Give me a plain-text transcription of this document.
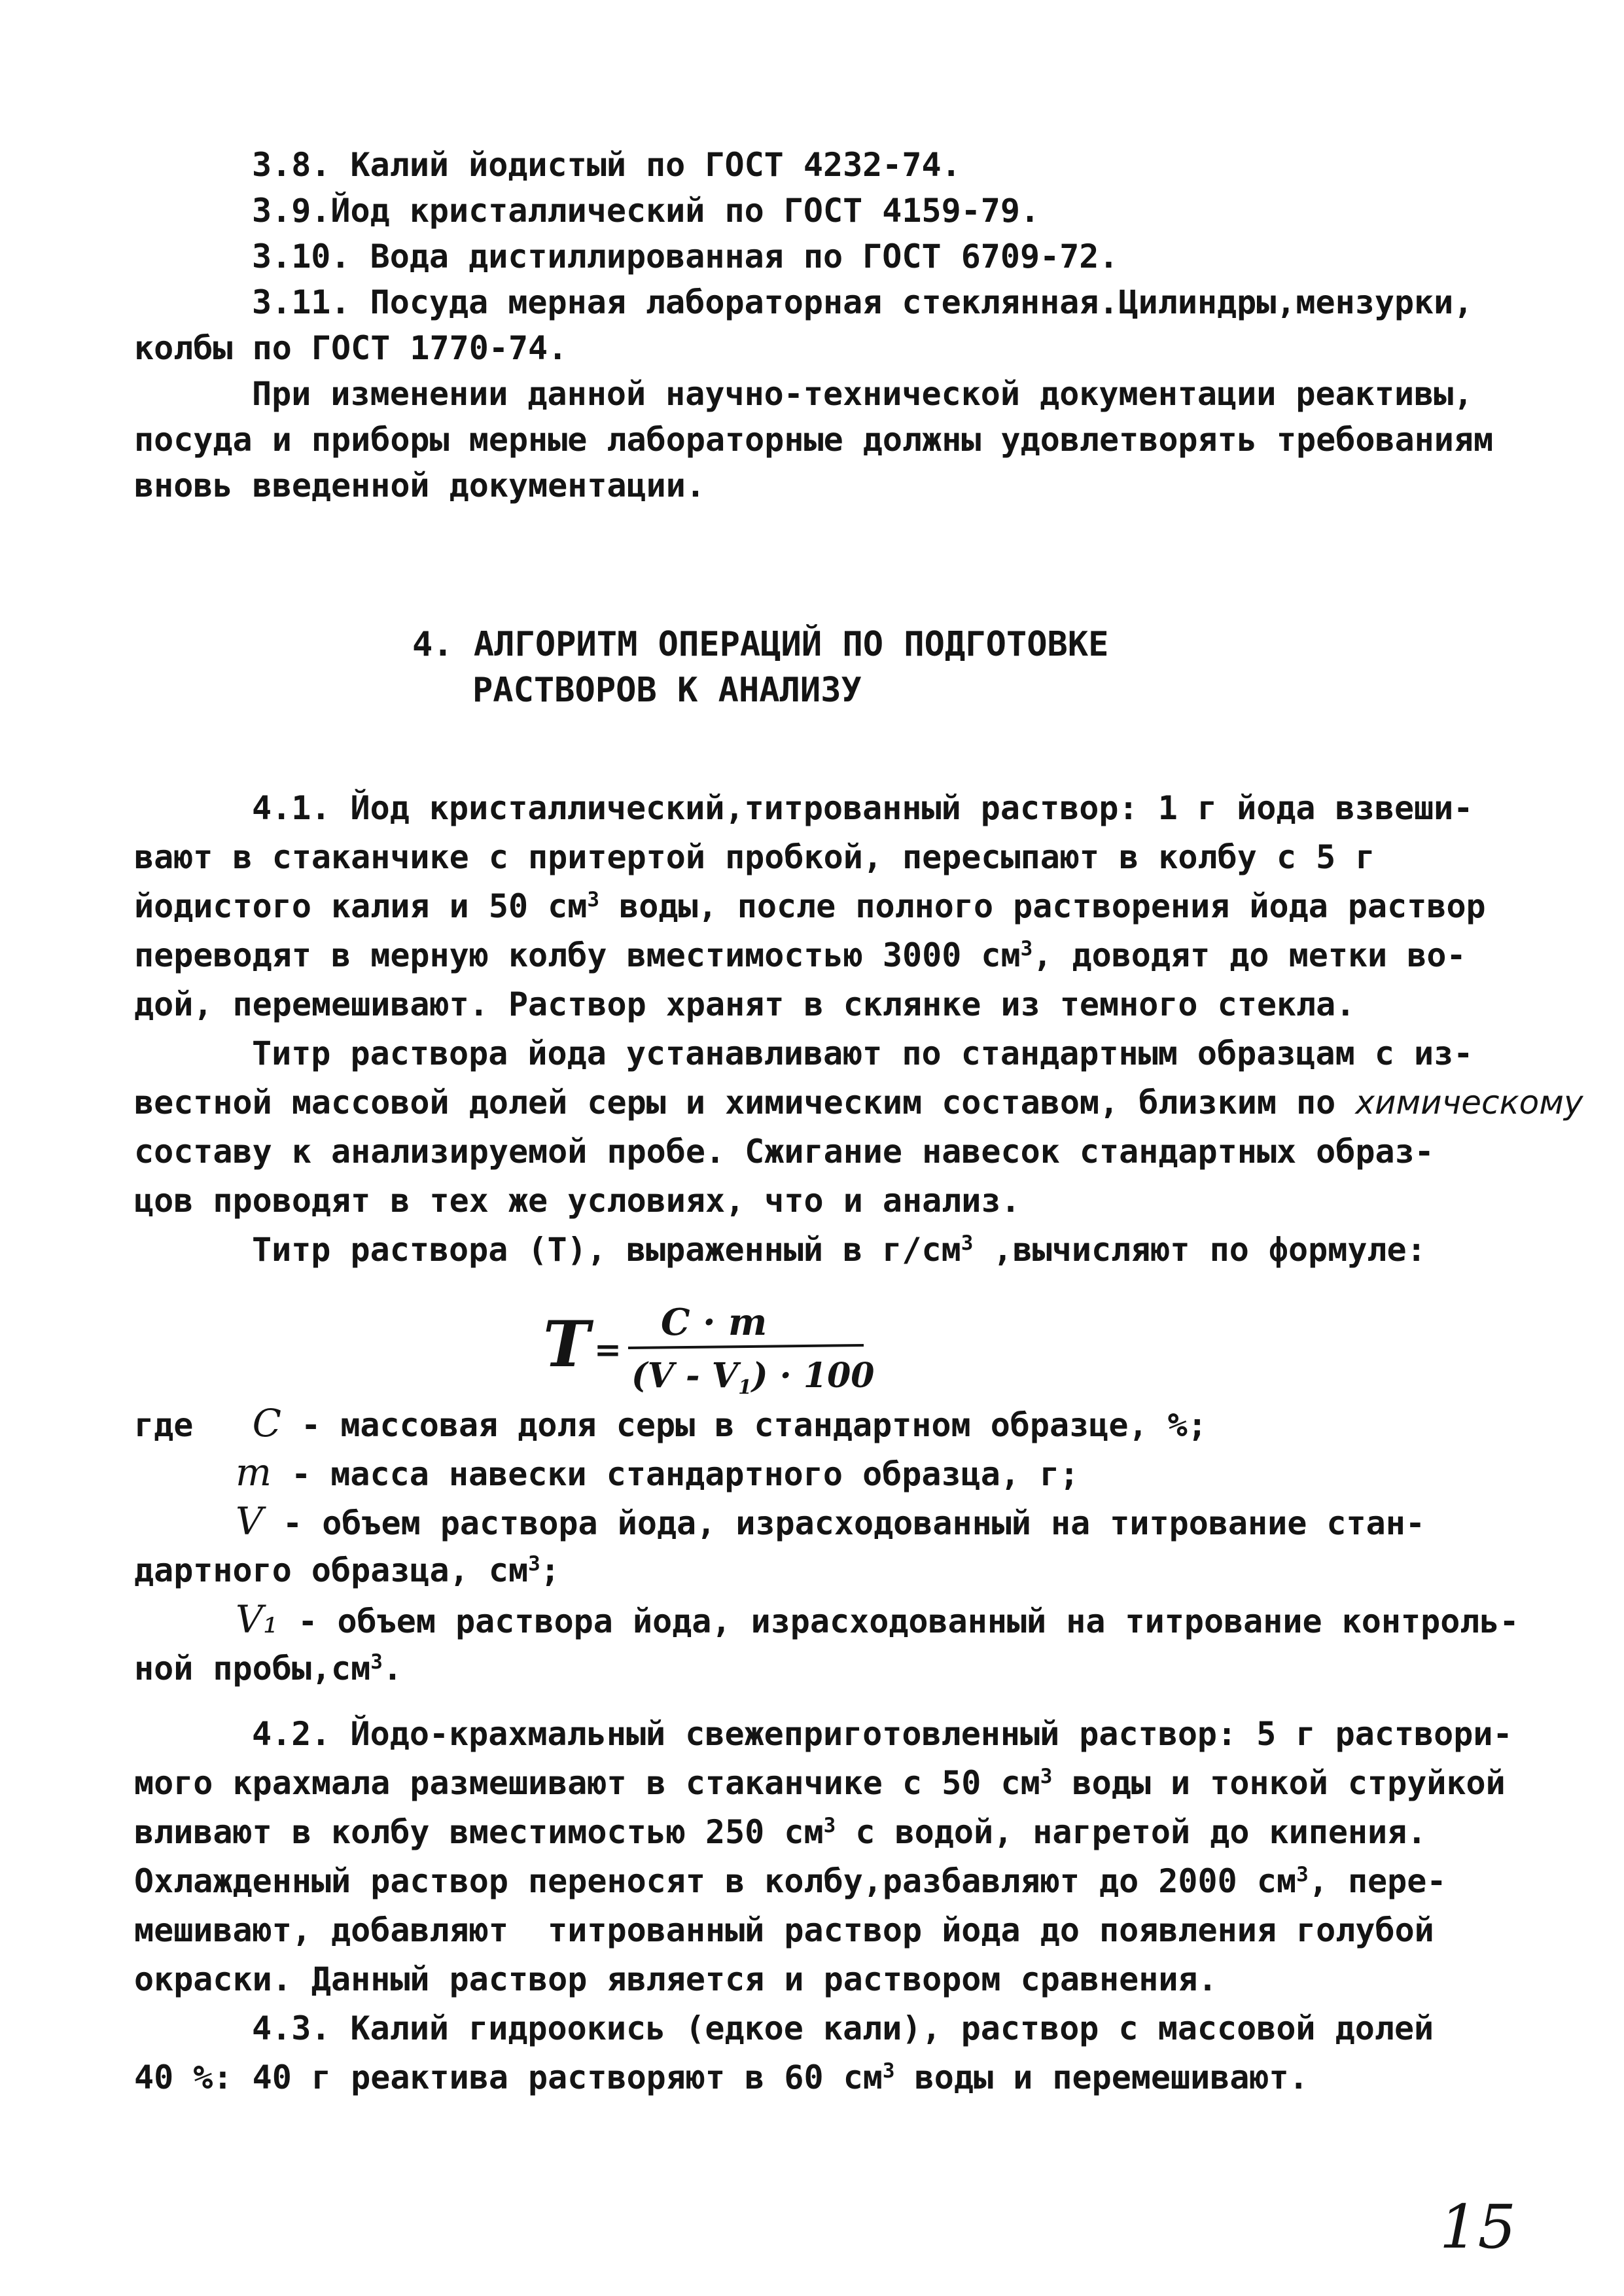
3.8. Калий йодистый по ГОСТ 4232-74.
3.9.Йод кристаллический по ГОСТ 4159-79.
3.10. Вода дистиллированная по ГОСТ 6709-72.
3.11. Посуда мерная лабораторная стеклянная.Цилиндры,мензурки,
колбы по ГОСТ 1770-74.
При изменении данной научно-технической документации реактивы,
посуда и приборы мерные лабораторные должны удовлетворять требованиям
вновь введенной документации.
4. АЛГОРИТМ ОПЕРАЦИЙ ПО ПОДГОТОВКЕ
РАСТВОРОВ К АНАЛИЗУ
4.1. Йод кристаллический,титрованный раствор: 1 г йода взвеши-
вают в стаканчике с притертой пробкой, пересыпают в колбу с 5 г
йодистого калия и 50 $см^3$ воды, после полного растворения йода раствор
переводят в мерную колбу вместимостью 3000 $см^3$, доводят до метки во-
дой, перемешивают. Раствор хранят в склянке из темного стекла.
Титр раствора йода устанавливают по стандартным образцам с из-
вестной массовой долей серы и химическим составом, близким по химическому
составу к анализируемой пробе. Сжигание навесок стандартных образ-
цов проводят в тех же условиях, что и анализ.
Титр раствора (Т), выраженный в $г/см^3$ ,вычисляют по формуле:
Т =
С · m
(V - V1) · 100
где С - массовая доля серы в стандартном образце, %;
m - масса навески стандартного образца, г;
V - объем раствора йода, израсходованный на титрование стан-
дартного образца, $см^3$;
V₁ - объем раствора йода, израсходованный на титрование контроль-
ной $пробы,см^3$.
4.2. Йодо-крахмальный свежеприготовленный раствор: 5 г раствори-
мого крахмала размешивают в стаканчике с 50 $см^3$ воды и тонкой струйкой
вливают в колбу вместимостью 250 $см^3$ с водой, нагретой до кипения.
Охлажденный раствор переносят в колбу,разбавляют до 2000 $см^3$, пере-
мешивают, добавляют  титрованный раствор йода до появления голубой
окраски. Данный раствор является и раствором сравнения.
4.3. Калий гидроокись (едкое кали), раствор с массовой долей
40 %: 40 г реактива растворяют в 60 $см^3$ воды и перемешивают.
15
